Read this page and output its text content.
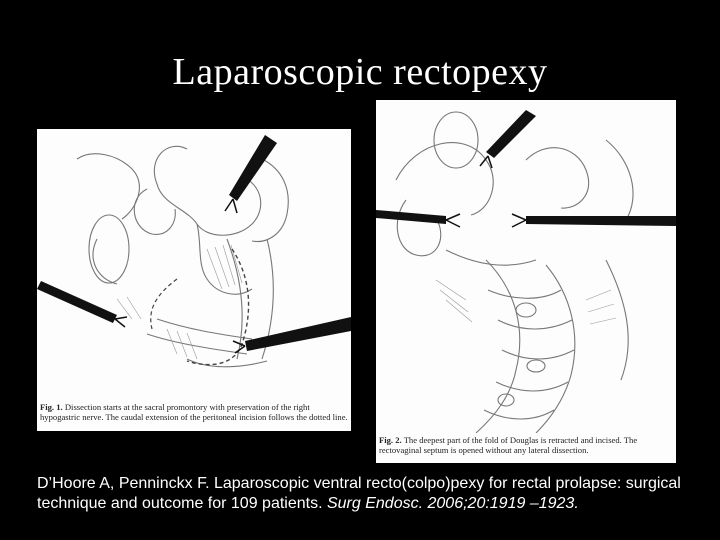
Laparoscopic rectopexy
Fig. 1. Dissection starts at the sacral promontory with preservation of the right hypogastric nerve. The caudal extension of the peritoneal incision follows the dotted line.
Fig. 2. The deepest part of the fold of Douglas is retracted and incised. The rectovaginal septum is opened without any lateral dissection.
D’Hoore A, Penninckx F. Laparoscopic ventral recto(colpo)pexy for rectal prolapse: surgical technique and outcome for 109 patients. Surg Endosc. 2006;20:1919 –1923.
